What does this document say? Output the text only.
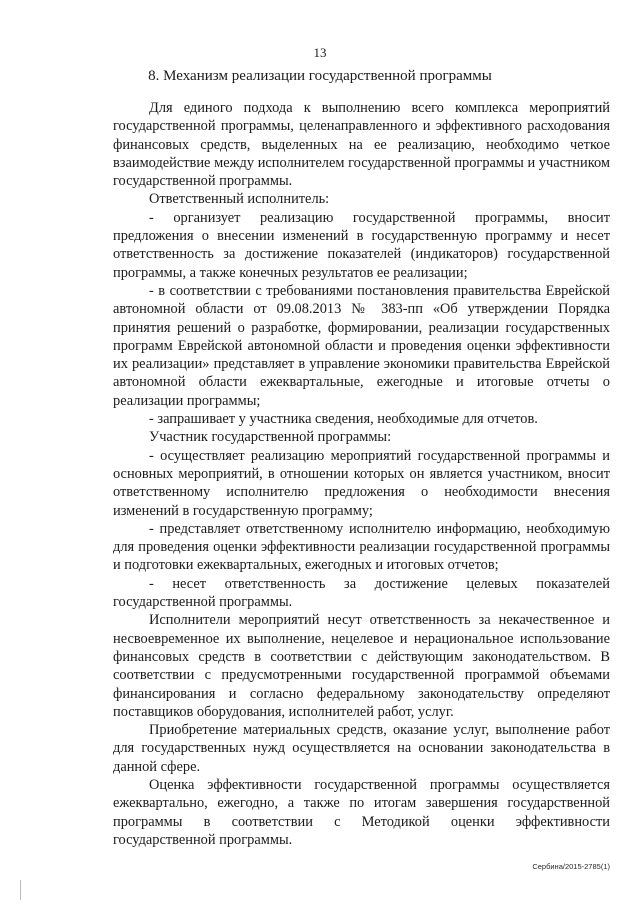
13
8. Механизм реализации государственной программы

Для единого подхода к выполнению всего комплекса мероприятий государственной программы, целенаправленного и эффективного расходования финансовых средств, выделенных на ее реализацию, необходимо четкое взаимодействие между исполнителем государственной программы и участником государственной программы.

Ответственный исполнитель:

- организует реализацию государственной программы, вносит предложения о внесении изменений в государственную программу и несет ответственность за достижение показателей (индикаторов) государственной программы, а также конечных результатов ее реализации;

- в соответствии с требованиями постановления правительства Еврейской автономной области от 09.08.2013 № 383-пп «Об утверждении Порядка принятия решений о разработке, формировании, реализации государственных программ Еврейской автономной области и проведения оценки эффективности их реализации» представляет в управление экономики правительства Еврейской автономной области ежеквартальные, ежегодные и итоговые отчеты о реализации программы;

- запрашивает у участника сведения, необходимые для отчетов.

Участник государственной программы:

- осуществляет реализацию мероприятий государственной программы и основных мероприятий, в отношении которых он является участником, вносит ответственному исполнителю предложения о необходимости внесения изменений в государственную программу;

- представляет ответственному исполнителю информацию, необходимую для проведения оценки эффективности реализации государственной программы и подготовки ежеквартальных, ежегодных и итоговых отчетов;

- несет ответственность за достижение целевых показателей государственной программы.

Исполнители мероприятий несут ответственность за некачественное и несвоевременное их выполнение, нецелевое и нерациональное использование финансовых средств в соответствии с действующим законодательством. В соответствии с предусмотренными государственной программой объемами финансирования и согласно федеральному законодательству определяют поставщиков оборудования, исполнителей работ, услуг.

Приобретение материальных средств, оказание услуг, выполнение работ для государственных нужд осуществляется на основании законодательства в данной сфере.

Оценка эффективности государственной программы осуществляется ежеквартально, ежегодно, а также по итогам завершения государственной программы в соответствии с Методикой оценки эффективности государственной программы.

Сербина/2015-2785(1)
